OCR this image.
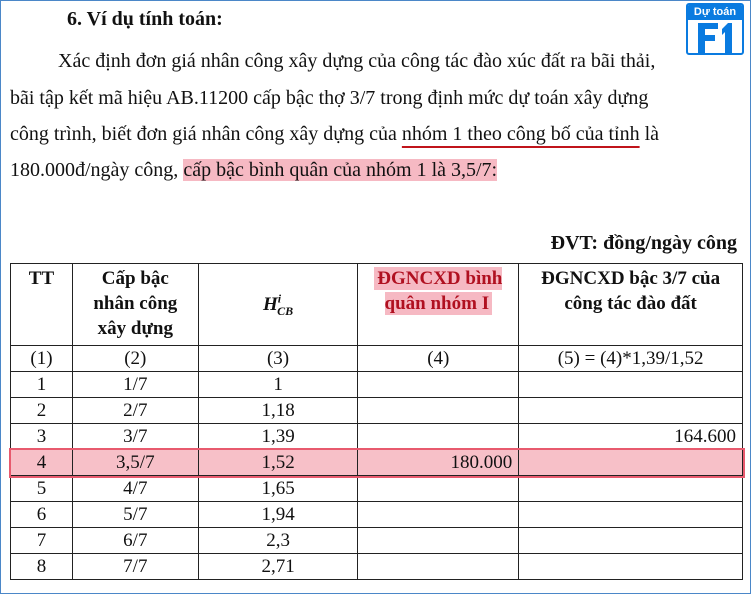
6. Ví dụ tính toán:	Dự toán
Xác định đơn giá nhân công xây dựng của công tác đào xúc đất ra bãi thải,
bãi tập kết mã hiệu AB.11200 cấp bậc thợ 3/7 trong định mức dự toán xây dựng
công trình, biết đơn giá nhân công xây dựng của nhóm 1 theo công bố của tỉnh là
180.000đ/ngày công, cấp bậc bình quân của nhóm 1 là 3,5/7:
ĐVT: đồng/ngày công
TT	Cấp bậc nhân công xây dựng	$H^i_{CB}$	ĐGNCXD bình quân nhóm I	ĐGNCXD bậc 3/7 của công tác đào đất
(1)	(2)	(3)	(4)	(5) = (4)*1,39/1,52
1	1/7	1		
2	2/7	1,18		
3	3/7	1,39		164.600
4	3,5/7	1,52	180.000	
5	4/7	1,65		
6	5/7	1,94		
7	6/7	2,3		
8	7/7	2,71		
